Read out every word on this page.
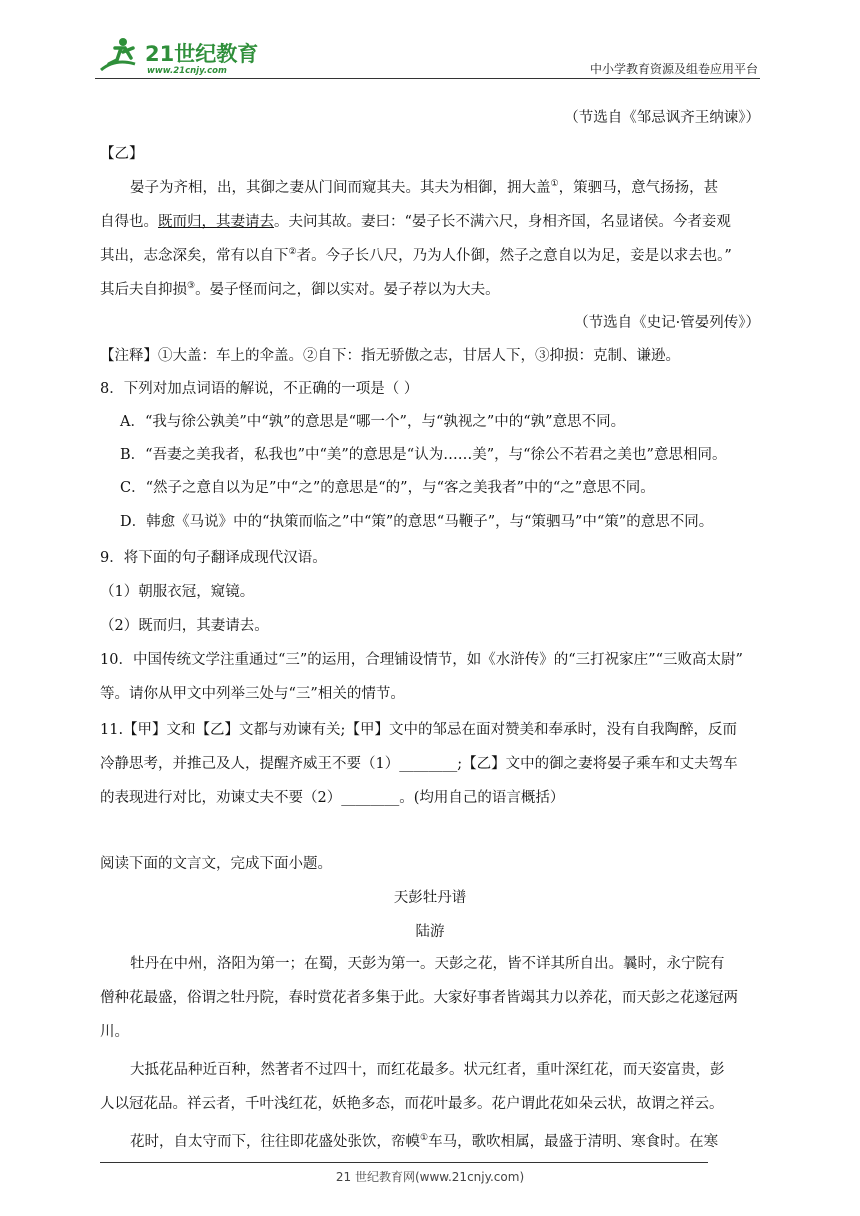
21世纪教育
www.21cnjy.com	中小学教育资源及组卷应用平台
（节选自《邹忌讽齐王纳谏》）
【乙】
晏子为齐相，出，其御之妻从门间而窥其夫。其夫为相御，拥大盖①，策驷马，意气扬扬，甚
自得也。既而归，其妻请去。夫问其故。妻曰：“晏子长不满六尺，身相齐国，名显诸侯。今者妾观
其出，志念深矣，常有以自下②者。今子长八尺，乃为人仆御，然子之意自以为足，妾是以求去也。”
其后夫自抑损③。晏子怪而问之，御以实对。晏子荐以为大夫。
（节选自《史记·管晏列传》）
【注释】①大盖：车上的伞盖。②自下：指无骄傲之志，甘居人下，③抑损：克制、谦逊。
8．下列对加点词语的解说，不正确的一项是（ ）
A．“我与徐公孰美”中“孰”的意思是“哪一个”，与“孰视之”中的“孰”意思不同。
B．“吾妻之美我者，私我也”中“美”的意思是“认为……美”，与“徐公不若君之美也”意思相同。
C．“然子之意自以为足”中“之”的意思是“的”，与“客之美我者”中的“之”意思不同。
D．韩愈《马说》中的“执策而临之”中“策”的意思“马鞭子”，与“策驷马”中“策”的意思不同。
9．将下面的句子翻译成现代汉语。
（1）朝服衣冠，窥镜。
（2）既而归，其妻请去。
10．中国传统文学注重通过“三”的运用，合理铺设情节，如《水浒传》的“三打祝家庄”“三败高太尉”
等。请你从甲文中列举三处与“三”相关的情节。
11.【甲】文和【乙】文都与劝谏有关;【甲】文中的邹忌在面对赞美和奉承时，没有自我陶醉，反而
冷静思考，并推己及人，提醒齐威王不要（1）________;【乙】文中的御之妻将晏子乘车和丈夫驾车
的表现进行对比，劝谏丈夫不要（2）________。(均用自己的语言概括）
阅读下面的文言文，完成下面小题。
天彭牡丹谱
陆游
牡丹在中州，洛阳为第一；在蜀，天彭为第一。天彭之花，皆不详其所自出。曩时，永宁院有
僧种花最盛，俗谓之牡丹院，春时赏花者多集于此。大家好事者皆竭其力以养花，而天彭之花遂冠两
川。
大抵花品种近百种，然著者不过四十，而红花最多。状元红者，重叶深红花，而天姿富贵，彭
人以冠花品。祥云者，千叶浅红花，妖艳多态，而花叶最多。花户谓此花如朵云状，故谓之祥云。
花时，自太守而下，往往即花盛处张饮，帟幙①车马，歌吹相属，最盛于清明、寒食时。在寒
21 世纪教育网(www.21cnjy.com)
